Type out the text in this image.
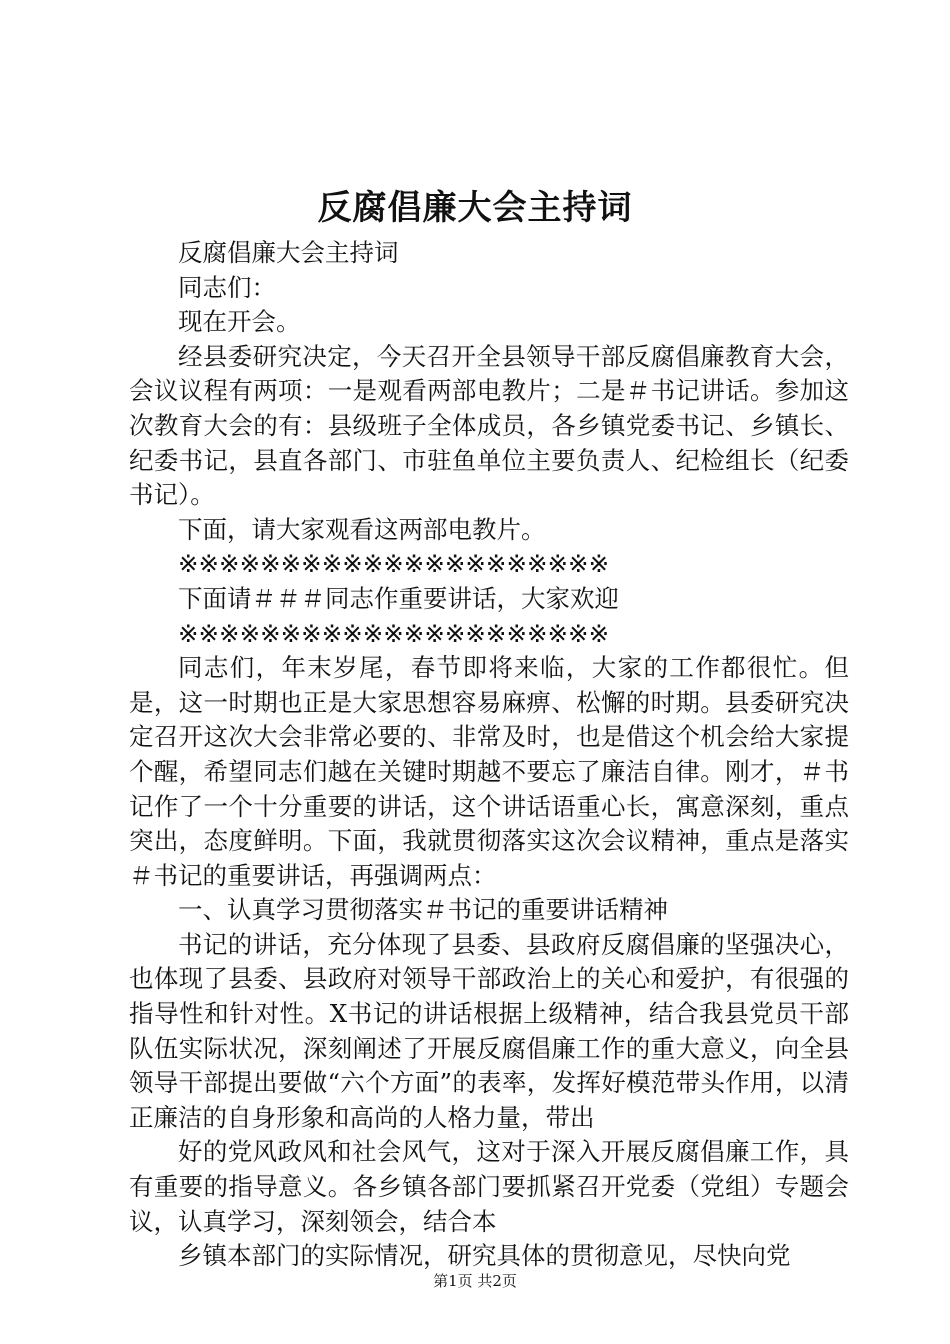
反腐倡廉大会主持词

反腐倡廉大会主持词

同志们：

现在开会。

经县委研究决定，今天召开全县领导干部反腐倡廉教育大会，会议议程有两项：一是观看两部电教片；二是＃书记讲话。参加这次教育大会的有：县级班子全体成员，各乡镇党委书记、乡镇长、纪委书记，县直各部门、市驻鱼单位主要负责人、纪检组长（纪委书记）。

下面，请大家观看这两部电教片。

※※※※※※※※※※※※※※※※※※※※※

下面请＃＃＃同志作重要讲话，大家欢迎

※※※※※※※※※※※※※※※※※※※※※

同志们，年末岁尾，春节即将来临，大家的工作都很忙。但是，这一时期也正是大家思想容易麻痹、松懈的时期。县委研究决定召开这次大会非常必要的、非常及时，也是借这个机会给大家提个醒，希望同志们越在关键时期越不要忘了廉洁自律。刚才，＃书记作了一个十分重要的讲话，这个讲话语重心长，寓意深刻，重点突出，态度鲜明。下面，我就贯彻落实这次会议精神，重点是落实＃书记的重要讲话，再强调两点：

一、认真学习贯彻落实＃书记的重要讲话精神

书记的讲话，充分体现了县委、县政府反腐倡廉的坚强决心，也体现了县委、县政府对领导干部政治上的关心和爱护，有很强的指导性和针对性。X书记的讲话根据上级精神，结合我县党员干部队伍实际状况，深刻阐述了开展反腐倡廉工作的重大意义，向全县领导干部提出要做“六个方面”的表率，发挥好模范带头作用，以清正廉洁的自身形象和高尚的人格力量，带出

好的党风政风和社会风气，这对于深入开展反腐倡廉工作，具有重要的指导意义。各乡镇各部门要抓紧召开党委（党组）专题会议，认真学习，深刻领会，结合本

乡镇本部门的实际情况，研究具体的贯彻意见，尽快向党

第1页 共2页
